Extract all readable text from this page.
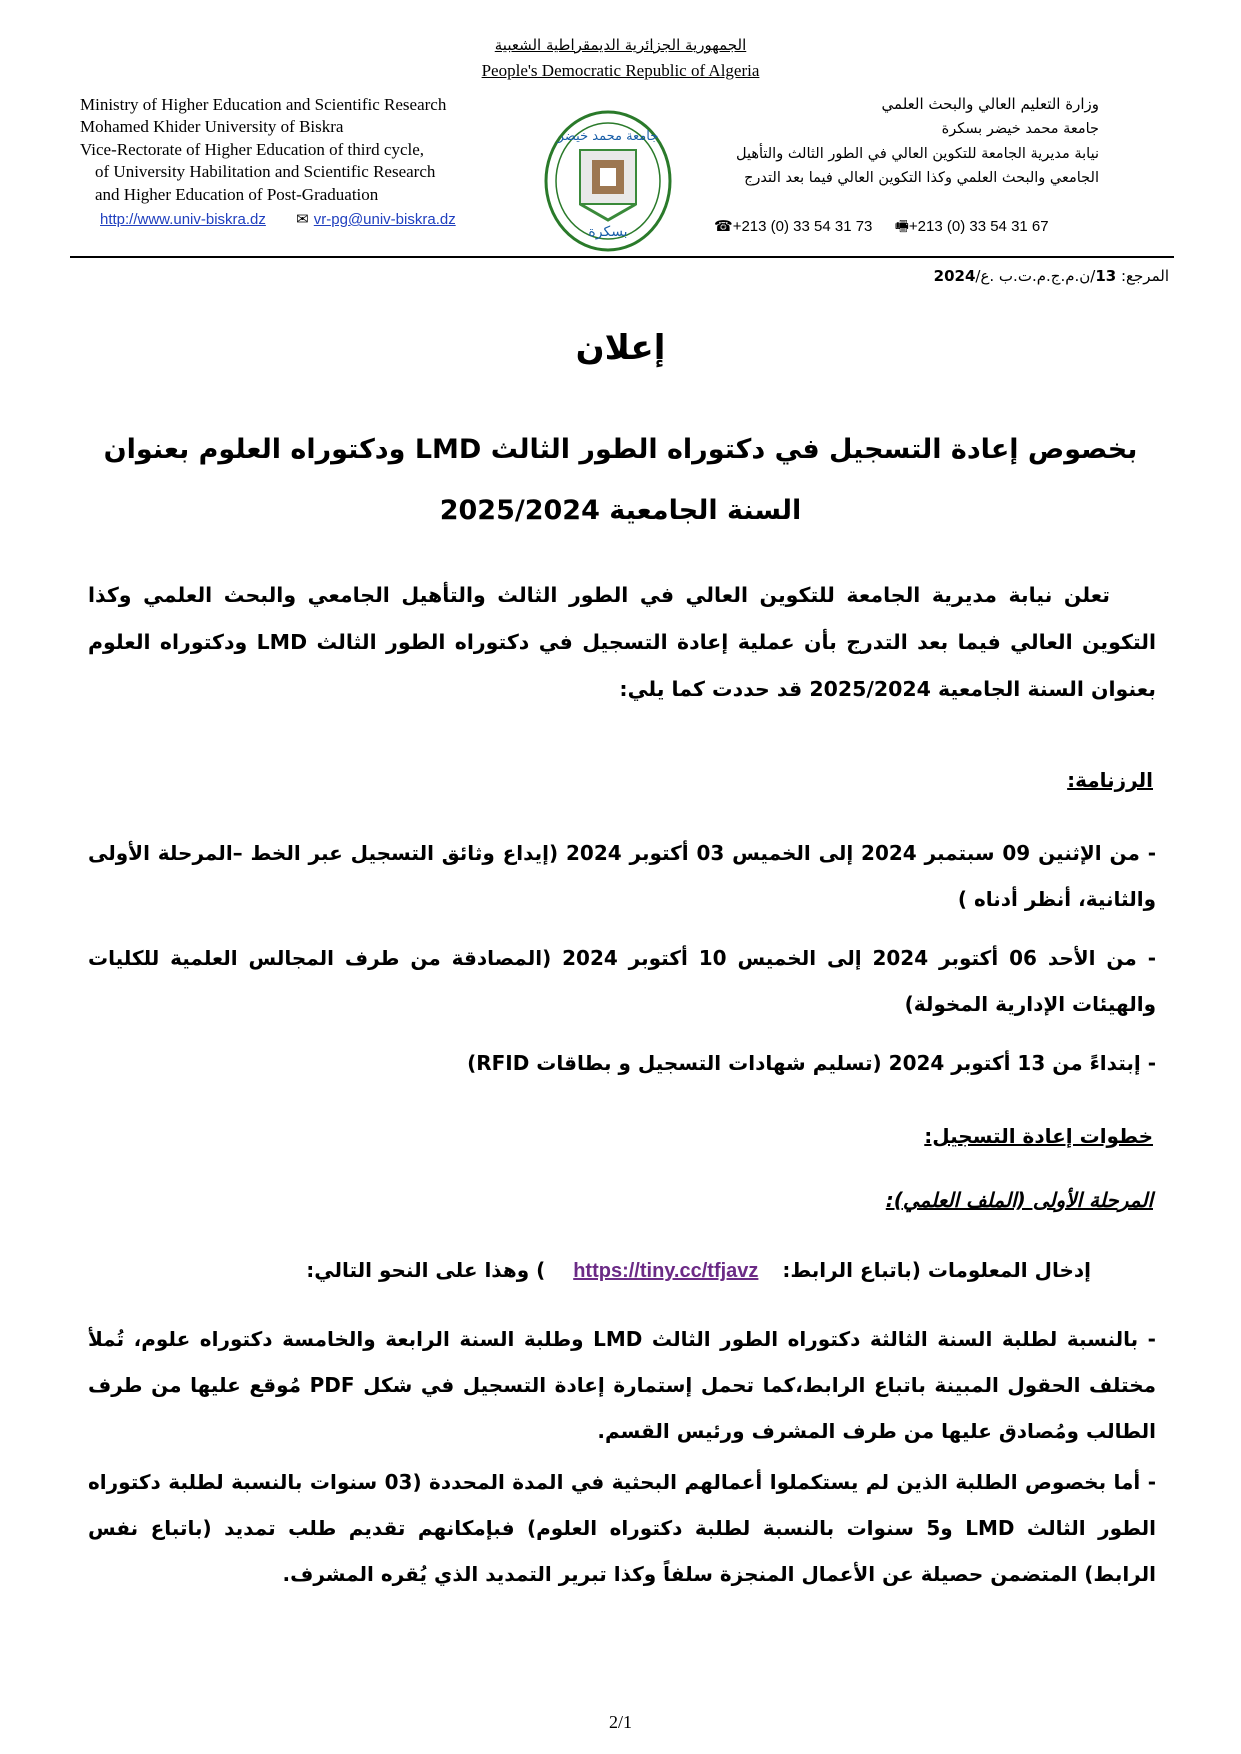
الجمهورية الجزائرية الديمقراطية الشعبية
People's Democratic Republic of Algeria
Ministry of Higher Education and Scientific Research
Mohamed Khider University of Biskra
Vice-Rectorate of Higher Education of third cycle,
of University Habilitation and Scientific Research
and Higher Education of Post-Graduation
http://www.univ-biskra.dz ✉ vr-pg@univ-biskra.dz
جامعة محمد خيضر
بسكرة
وزارة التعليم العالي والبحث العلمي
جامعة محمد خيضر بسكرة
نيابة مديرية الجامعة للتكوين العالي في الطور الثالث والتأهيل
الجامعي والبحث العلمي وكذا التكوين العالي فيما بعد التدرج
☎+213 (0) 33 54 31 73 🖷+213 (0) 33 54 31 67
المرجع: 13/ن.م.ج.م.ت.ب .ع/2024
إعلان
بخصوص إعادة التسجيل في دكتوراه الطور الثالث LMD ودكتوراه العلوم بعنوان
السنة الجامعية 2025/2024
تعلن نيابة مديرية الجامعة للتكوين العالي في الطور الثالث والتأهيل الجامعي والبحث العلمي وكذا التكوين العالي فيما بعد التدرج بأن عملية إعادة التسجيل في دكتوراه الطور الثالث LMD ودكتوراه العلوم بعنوان السنة الجامعية 2025/2024 قد حددت كما يلي:
الرزنامة:
- من الإثنين 09 سبتمبر 2024 إلى الخميس 03 أكتوبر 2024 (إيداع وثائق التسجيل عبر الخط –المرحلة الأولى والثانية، أنظر أدناه )
- من الأحد 06 أكتوبر 2024 إلى الخميس 10 أكتوبر 2024 (المصادقة من طرف المجالس العلمية للكليات والهيئات الإدارية المخولة)
- إبتداءً من 13 أكتوبر 2024 (تسليم شهادات التسجيل و بطاقات RFID)
خطوات إعادة التسجيل:
المرحلة الأولى (الملف العلمي):
إدخال المعلومات (باتباع الرابط:  https://tiny.cc/tfjavz  ) وهذا على النحو التالي:
- بالنسبة لطلبة السنة الثالثة دكتوراه الطور الثالث LMD وطلبة السنة الرابعة والخامسة دكتوراه علوم، تُملأ مختلف الحقول المبينة باتباع الرابط،كما تحمل إستمارة إعادة التسجيل في شكل PDF مُوقع عليها من طرف الطالب ومُصادق عليها من طرف المشرف ورئيس القسم.
- أما بخصوص الطلبة الذين لم يستكملوا أعمالهم البحثية في المدة المحددة (03 سنوات بالنسبة لطلبة دكتوراه الطور الثالث LMD و5 سنوات بالنسبة لطلبة دكتوراه العلوم) فبإمكانهم تقديم طلب تمديد (باتباع نفس الرابط) المتضمن حصيلة عن الأعمال المنجزة سلفاً وكذا تبرير التمديد الذي يُقره المشرف.
2/1
